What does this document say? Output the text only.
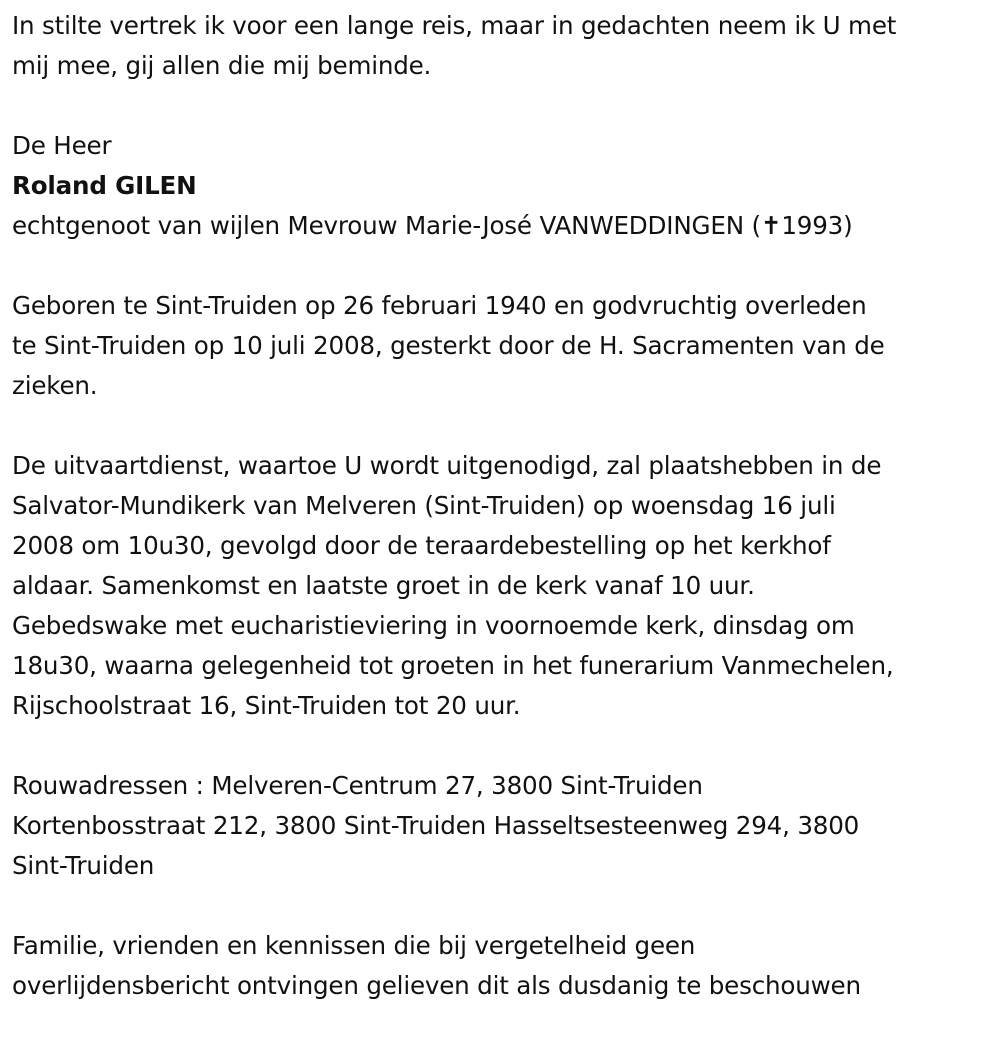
In stilte vertrek ik voor een lange reis, maar in gedachten neem ik U met
mij mee, gij allen die mij beminde.

De Heer

Roland GILEN

echtgenoot van wijlen Mevrouw Marie-José VANWEDDINGEN (✝1993)

Geboren te Sint-Truiden op 26 februari 1940 en godvruchtig overleden
te Sint-Truiden op 10 juli 2008, gesterkt door de H. Sacramenten van de
zieken.

De uitvaartdienst, waartoe U wordt uitgenodigd, zal plaatshebben in de
Salvator-Mundikerk van Melveren (Sint-Truiden) op woensdag 16 juli
2008 om 10u30, gevolgd door de teraardebestelling op het kerkhof
aldaar. Samenkomst en laatste groet in de kerk vanaf 10 uur.
Gebedswake met eucharistieviering in voornoemde kerk, dinsdag om
18u30, waarna gelegenheid tot groeten in het funerarium Vanmechelen,
Rijschoolstraat 16, Sint-Truiden tot 20 uur.

Rouwadressen : Melveren-Centrum 27, 3800 Sint-Truiden
Kortenbosstraat 212, 3800 Sint-Truiden Hasseltsesteenweg 294, 3800
Sint-Truiden

Familie, vrienden en kennissen die bij vergetelheid geen
overlijdensbericht ontvingen gelieven dit als dusdanig te beschouwen
